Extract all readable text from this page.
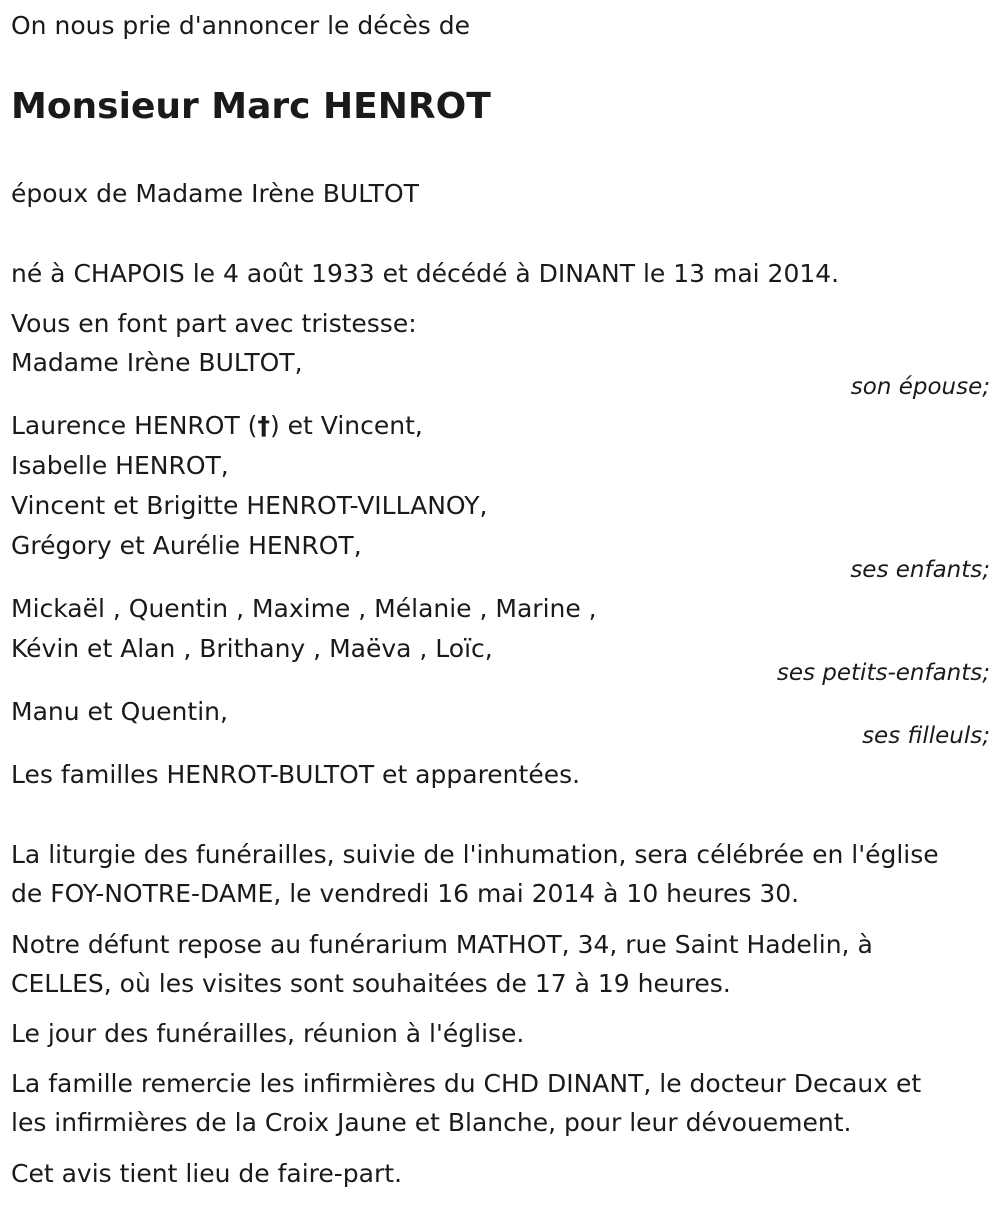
On nous prie d'annoncer le décès de
Monsieur Marc HENROT
époux de Madame Irène BULTOT
né à CHAPOIS le 4 août 1933 et décédé à DINANT le 13 mai 2014.
Vous en font part avec tristesse:
Madame Irène BULTOT,
son épouse;
Laurence HENROT (†) et Vincent,
Isabelle HENROT,
Vincent et Brigitte HENROT-VILLANOY,
Grégory et Aurélie HENROT,
ses enfants;
Mickaël , Quentin , Maxime , Mélanie , Marine ,
Kévin et Alan , Brithany , Maëva , Loïc,
ses petits-enfants;
Manu et Quentin,
ses filleuls;
Les familles HENROT-BULTOT et apparentées.
La liturgie des funérailles, suivie de l'inhumation, sera célébrée en l'église
de FOY-NOTRE-DAME, le vendredi 16 mai 2014 à 10 heures 30.
Notre défunt repose au funérarium MATHOT, 34, rue Saint Hadelin, à
CELLES, où les visites sont souhaitées de 17 à 19 heures.
Le jour des funérailles, réunion à l'église.
La famille remercie les infirmières du CHD DINANT, le docteur Decaux et
les infirmières de la Croix Jaune et Blanche, pour leur dévouement.
Cet avis tient lieu de faire-part.
